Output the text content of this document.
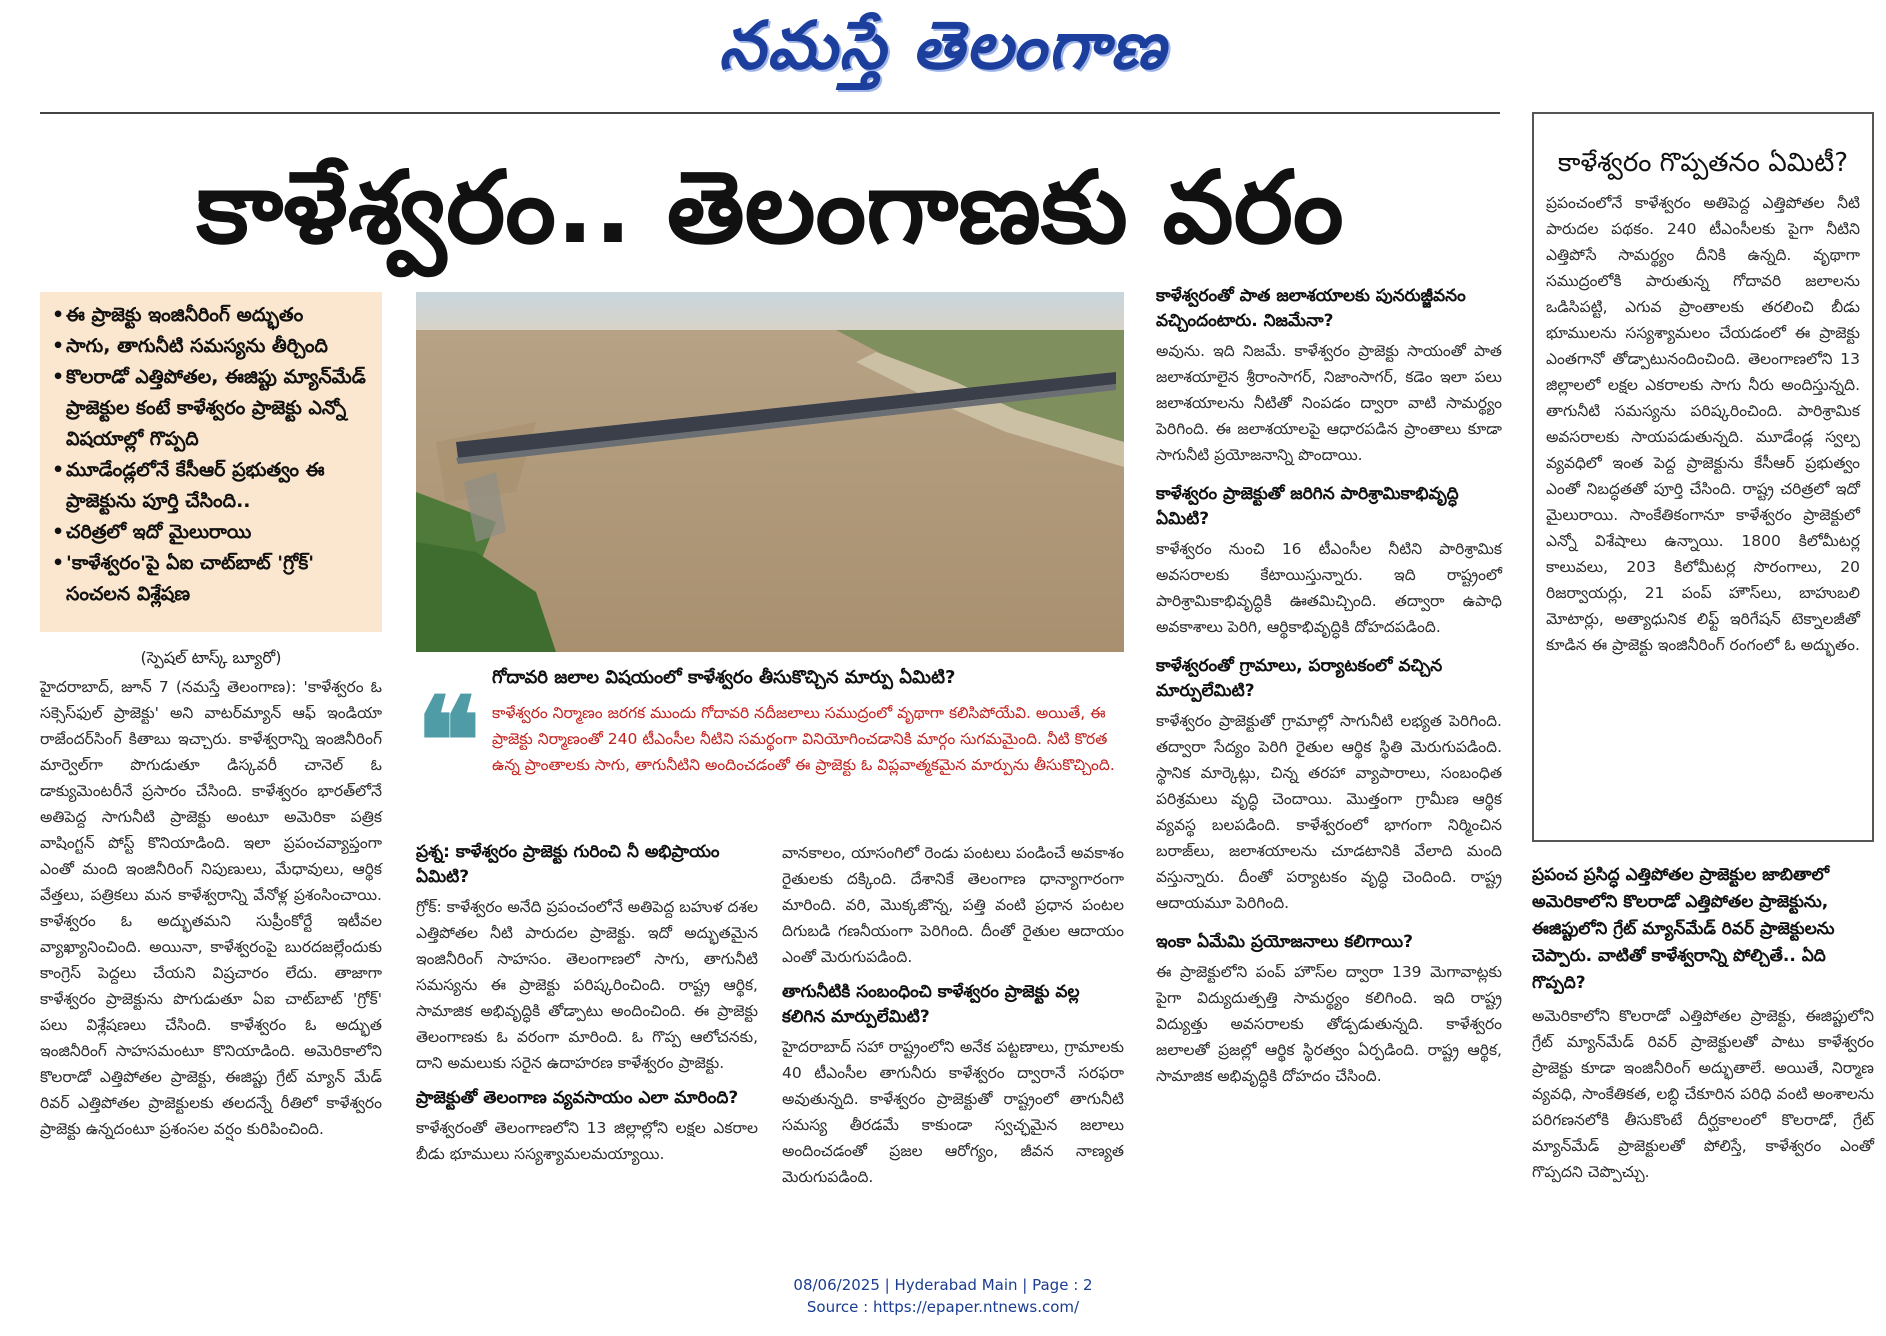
నమస్తే తెలంగాణ
కాళేశ్వరం.. తెలంగాణకు వరం
• ఈ ప్రాజెక్టు ఇంజినీరింగ్ అద్భుతం
• సాగు, తాగునీటి సమస్యను తీర్చింది
• కొలరాడో ఎత్తిపోతల, ఈజిప్టు మ్యాన్‌మేడ్ ప్రాజెక్టుల కంటే కాళేశ్వరం ప్రాజెక్టు ఎన్నో విషయాల్లో గొప్పది
• మూడేండ్లలోనే కేసీఆర్ ప్రభుత్వం ఈ ప్రాజెక్టును పూర్తి చేసింది..
• చరిత్రలో ఇదో మైలురాయి
• 'కాళేశ్వరం'పై ఏఐ చాట్‌బాట్ 'గ్రోక్' సంచలన విశ్లేషణ
(స్పెషల్ టాస్క్ బ్యూరో)

హైదరాబాద్, జూన్ 7 (నమస్తే తెలంగాణ): 'కాళేశ్వరం ఓ సక్సెస్‌ఫుల్ ప్రాజెక్టు' అని వాటర్‌మ్యాన్ ఆఫ్ ఇండియా రాజేందర్‌సింగ్ కితాబు ఇచ్చారు. కాళేశ్వరాన్ని ఇంజినీరింగ్ మార్వెల్‌గా పొగుడుతూ డిస్కవరీ చానెల్ ఓ డాక్యుమెంటరీనే ప్రసారం చేసింది. కాళేశ్వరం భారత్‌లోనే అతిపెద్ద సాగునీటి ప్రాజెక్టు అంటూ అమెరికా పత్రిక వాషింగ్టన్ పోస్ట్ కొనియాడింది. ఇలా ప్రపంచవ్యాప్తంగా ఎంతో మంది ఇంజినీరింగ్ నిపుణులు, మేధావులు, ఆర్థిక వేత్తలు, పత్రికలు మన కాళేశ్వరాన్ని వేనోళ్ల ప్రశంసించాయి. కాళేశ్వరం ఓ అద్భుతమని సుప్రీంకోర్టే ఇటీవల వ్యాఖ్యానించింది. అయినా, కాళేశ్వరంపై బురదజల్లేందుకు కాంగ్రెస్ పెద్దలు చేయని విష్రచారం లేదు. తాజాగా కాళేశ్వరం ప్రాజెక్టును పొగుడుతూ ఏఐ చాట్‌బాట్ 'గ్రోక్' పలు విశ్లేషణలు చేసింది. కాళేశ్వరం ఓ అద్భుత ఇంజినీరింగ్ సాహసమంటూ కొనియాడింది. అమెరికాలోని కొలరాడో ఎత్తిపోతల ప్రాజెక్టు, ఈజిప్టు గ్రేట్ మ్యాన్ మేడ్ రివర్ ఎత్తిపోతల ప్రాజెక్టులకు తలదన్నే రీతిలో కాళేశ్వరం ప్రాజెక్టు ఉన్నదంటూ ప్రశంసల వర్షం కురిపించింది.

❝ గోదావరి జలాల విషయంలో కాళేశ్వరం తీసుకొచ్చిన మార్పు ఏమిటి?
కాళేశ్వరం నిర్మాణం జరగక ముందు గోదావరి నదీజలాలు సముద్రంలో వృథాగా కలిసిపోయేవి. అయితే, ఈ ప్రాజెక్టు నిర్మాణంతో 240 టీఎంసీల నీటిని సమర్థంగా వినియోగించడానికి మార్గం సుగమమైంది. నీటి కొరత ఉన్న ప్రాంతాలకు సాగు, తాగునీటిని అందించడంతో ఈ ప్రాజెక్టు ఓ విప్లవాత్మకమైన మార్పును తీసుకొచ్చింది.

ప్రశ్న: కాళేశ్వరం ప్రాజెక్టు గురించి నీ అభిప్రాయం ఏమిటి?

గ్రోక్: కాళేశ్వరం అనేది ప్రపంచంలోనే అతిపెద్ద బహుళ దశల ఎత్తిపోతల నీటి పారుదల ప్రాజెక్టు. ఇదో అద్భుతమైన ఇంజినీరింగ్ సాహసం. తెలంగాణలో సాగు, తాగునీటి సమస్యను ఈ ప్రాజెక్టు పరిష్కరించింది. రాష్ట్ర ఆర్థిక, సామాజిక అభివృద్ధికి తోడ్పాటు అందించింది. ఈ ప్రాజెక్టు తెలంగాణకు ఓ వరంగా మారింది. ఓ గొప్ప ఆలోచనకు, దాని అమలుకు సరైన ఉదాహరణ కాళేశ్వరం ప్రాజెక్టు.

ప్రాజెక్టుతో తెలంగాణ వ్యవసాయం ఎలా మారింది?

కాళేశ్వరంతో తెలంగాణలోని 13 జిల్లాల్లోని లక్షల ఎకరాల బీడు భూములు సస్యశ్యామలమయ్యాయి.

వానకాలం, యాసంగిలో రెండు పంటలు పండించే అవకాశం రైతులకు దక్కింది. దేశానికే తెలంగాణ ధాన్యాగారంగా మారింది. వరి, మొక్కజొన్న, పత్తి వంటి ప్రధాన పంటల దిగుబడి గణనీయంగా పెరిగింది. దీంతో రైతుల ఆదాయం ఎంతో మెరుగుపడింది.

తాగునీటికి సంబంధించి కాళేశ్వరం ప్రాజెక్టు వల్ల కలిగిన మార్పులేమిటి?

హైదరాబాద్ సహా రాష్ట్రంలోని అనేక పట్టణాలు, గ్రామాలకు 40 టీఎంసీల తాగునీరు కాళేశ్వరం ద్వారానే సరఫరా అవుతున్నది. కాళేశ్వరం ప్రాజెక్టుతో రాష్ట్రంలో తాగునీటి సమస్య తీరడమే కాకుండా స్వచ్ఛమైన జలాలు అందించడంతో ప్రజల ఆరోగ్యం, జీవన నాణ్యత మెరుగుపడింది.

కాళేశ్వరంతో పాత జలాశయాలకు పునరుజ్జీవనం వచ్చిందంటారు. నిజమేనా?

అవును. ఇది నిజమే. కాళేశ్వరం ప్రాజెక్టు సాయంతో పాత జలాశయాలైన శ్రీరాంసాగర్, నిజాంసాగర్, కడెం ఇలా పలు జలాశయాలను నీటితో నింపడం ద్వారా వాటి సామర్థ్యం పెరిగింది. ఈ జలాశయాలపై ఆధారపడిన ప్రాంతాలు కూడా సాగునీటి ప్రయోజనాన్ని పొందాయి.

కాళేశ్వరం ప్రాజెక్టుతో జరిగిన పారిశ్రామికాభివృద్ధి ఏమిటి?

కాళేశ్వరం నుంచి 16 టీఎంసీల నీటిని పారిశ్రామిక అవసరాలకు కేటాయిస్తున్నారు. ఇది రాష్ట్రంలో పారిశ్రామికాభివృద్ధికి ఊతమిచ్చింది. తద్వారా ఉపాధి అవకాశాలు పెరిగి, ఆర్థికాభివృద్ధికి దోహదపడింది.

కాళేశ్వరంతో గ్రామాలు, పర్యాటకంలో వచ్చిన మార్పులేమిటి?

కాళేశ్వరం ప్రాజెక్టుతో గ్రామాల్లో సాగునీటి లభ్యత పెరిగింది. తద్వారా సేద్యం పెరిగి రైతుల ఆర్థిక స్థితి మెరుగుపడింది. స్థానిక మార్కెట్లు, చిన్న తరహా వ్యాపారాలు, సంబంధిత పరిశ్రమలు వృద్ధి చెందాయి. మొత్తంగా గ్రామీణ ఆర్థిక వ్యవస్థ బలపడింది. కాళేశ్వరంలో భాగంగా నిర్మించిన బరాజ్‌లు, జలాశయాలను చూడటానికి వేలాది మంది వస్తున్నారు. దీంతో పర్యాటకం వృద్ధి చెందింది. రాష్ట్ర ఆదాయమూ పెరిగింది.

ఇంకా ఏమేమి ప్రయోజనాలు కలిగాయి?

ఈ ప్రాజెక్టులోని పంప్ హౌస్‌ల ద్వారా 139 మెగావాట్లకు పైగా విద్యుదుత్పత్తి సామర్థ్యం కలిగింది. ఇది రాష్ట్ర విద్యుత్తు అవసరాలకు తోడ్పడుతున్నది. కాళేశ్వరం జలాలతో ప్రజల్లో ఆర్థిక స్థిరత్వం ఏర్పడింది. రాష్ట్ర ఆర్థిక, సామాజిక అభివృద్ధికి దోహదం చేసింది.

కాళేశ్వరం గొప్పతనం ఏమిటీ?

ప్రపంచంలోనే కాళేశ్వరం అతిపెద్ద ఎత్తిపోతల నీటి పారుదల పథకం. 240 టీఎంసీలకు పైగా నీటిని ఎత్తిపోసే సామర్థ్యం దీనికి ఉన్నది. వృథాగా సముద్రంలోకి పారుతున్న గోదావరి జలాలను ఒడిసిపట్టి, ఎగువ ప్రాంతాలకు తరలించి బీడు భూములను సస్యశ్యామలం చేయడంలో ఈ ప్రాజెక్టు ఎంతగానో తోడ్పాటునందించింది. తెలంగాణలోని 13 జిల్లాలలో లక్షల ఎకరాలకు సాగు నీరు అందిస్తున్నది. తాగునీటి సమస్యను పరిష్కరించింది. పారిశ్రామిక అవసరాలకు సాయపడుతున్నది. మూడేండ్ల స్వల్ప వ్యవధిలో ఇంత పెద్ద ప్రాజెక్టును కేసీఆర్ ప్రభుత్వం ఎంతో నిబద్ధతతో పూర్తి చేసింది. రాష్ట్ర చరిత్రలో ఇదో మైలురాయి. సాంకేతికంగానూ కాళేశ్వరం ప్రాజెక్టులో ఎన్నో విశేషాలు ఉన్నాయి. 1800 కిలోమీటర్ల కాలువలు, 203 కిలోమీటర్ల సొరంగాలు, 20 రిజర్వాయర్లు, 21 పంప్ హౌస్‌లు, బాహుబలి మోటార్లు, అత్యాధునిక లిఫ్ట్ ఇరిగేషన్ టెక్నాలజీతో కూడిన ఈ ప్రాజెక్టు ఇంజినీరింగ్ రంగంలో ఓ అద్భుతం.

ప్రపంచ ప్రసిద్ధ ఎత్తిపోతల ప్రాజెక్టుల జాబితాలో అమెరికాలోని కొలరాడో ఎత్తిపోతల ప్రాజెక్టును, ఈజిప్టులోని గ్రేట్ మ్యాన్‌మేడ్ రివర్ ప్రాజెక్టులను చెప్పారు. వాటితో కాళేశ్వరాన్ని పోల్చితే.. ఏది గొప్పది?

అమెరికాలోని కొలరాడో ఎత్తిపోతల ప్రాజెక్టు, ఈజిప్టులోని గ్రేట్ మ్యాన్‌మేడ్ రివర్ ప్రాజెక్టులతో పాటు కాళేశ్వరం ప్రాజెక్టు కూడా ఇంజినీరింగ్ అద్భుతాలే. అయితే, నిర్మాణ వ్యవధి, సాంకేతికత, లబ్ధి చేకూరిన పరిధి వంటి అంశాలను పరిగణనలోకి తీసుకొంటే దీర్ఘకాలంలో కొలరాడో, గ్రేట్ మ్యాన్‌మేడ్ ప్రాజెక్టులతో పోలిస్తే, కాళేశ్వరం ఎంతో గొప్పదని చెప్పొచ్చు.

08/06/2025 | Hyderabad Main | Page : 2
Source : https://epaper.ntnews.com/
